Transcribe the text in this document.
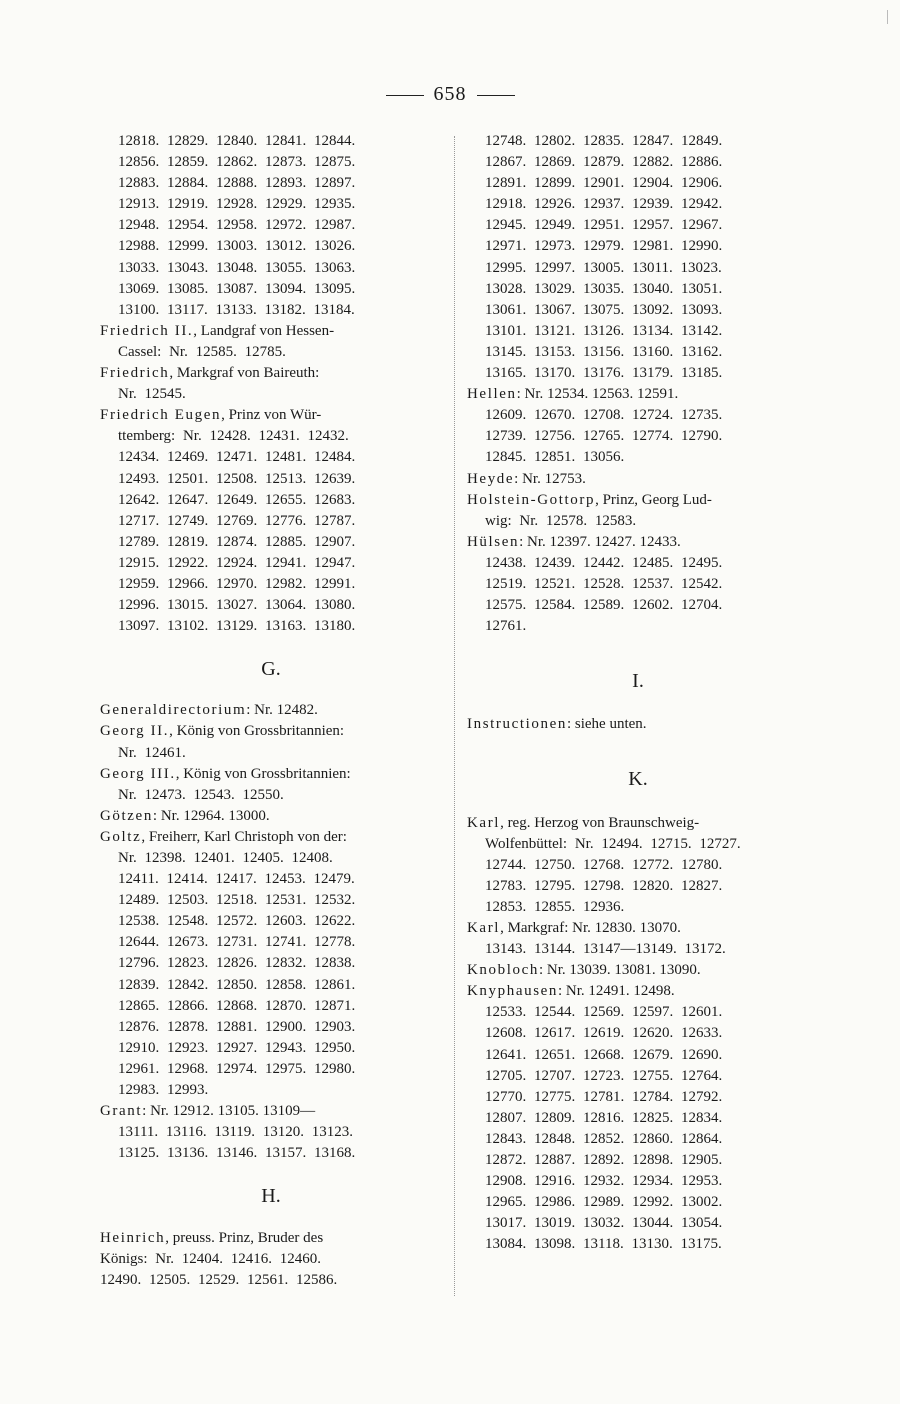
658
12818. 12829. 12840. 12841. 12844.
12856. 12859. 12862. 12873. 12875.
12883. 12884. 12888. 12893. 12897.
12913. 12919. 12928. 12929. 12935.
12948. 12954. 12958. 12972. 12987.
12988. 12999. 13003. 13012. 13026.
13033. 13043. 13048. 13055. 13063.
13069. 13085. 13087. 13094. 13095.
13100. 13117. 13133. 13182. 13184.
Friedrich II., Landgraf von Hessen-
Cassel: Nr. 12585. 12785.
Friedrich, Markgraf von Baireuth:
Nr. 12545.
Friedrich Eugen, Prinz von Wür-
ttemberg: Nr. 12428. 12431. 12432.
12434. 12469. 12471. 12481. 12484.
12493. 12501. 12508. 12513. 12639.
12642. 12647. 12649. 12655. 12683.
12717. 12749. 12769. 12776. 12787.
12789. 12819. 12874. 12885. 12907.
12915. 12922. 12924. 12941. 12947.
12959. 12966. 12970. 12982. 12991.
12996. 13015. 13027. 13064. 13080.
13097. 13102. 13129. 13163. 13180.
G.
Generaldirectorium: Nr. 12482.
Georg II., König von Grossbritannien:
Nr. 12461.
Georg III., König von Grossbritannien:
Nr. 12473. 12543. 12550.
Götzen: Nr. 12964. 13000.
Goltz, Freiherr, Karl Christoph von der:
Nr. 12398. 12401. 12405. 12408.
12411. 12414. 12417. 12453. 12479.
12489. 12503. 12518. 12531. 12532.
12538. 12548. 12572. 12603. 12622.
12644. 12673. 12731. 12741. 12778.
12796. 12823. 12826. 12832. 12838.
12839. 12842. 12850. 12858. 12861.
12865. 12866. 12868. 12870. 12871.
12876. 12878. 12881. 12900. 12903.
12910. 12923. 12927. 12943. 12950.
12961. 12968. 12974. 12975. 12980.
12983. 12993.
Grant: Nr. 12912. 13105. 13109—
13111. 13116. 13119. 13120. 13123.
13125. 13136. 13146. 13157. 13168.
H.
Heinrich, preuss. Prinz, Bruder des
Königs: Nr. 12404. 12416. 12460.
12490. 12505. 12529. 12561. 12586.
12748. 12802. 12835. 12847. 12849.
12867. 12869. 12879. 12882. 12886.
12891. 12899. 12901. 12904. 12906.
12918. 12926. 12937. 12939. 12942.
12945. 12949. 12951. 12957. 12967.
12971. 12973. 12979. 12981. 12990.
12995. 12997. 13005. 13011. 13023.
13028. 13029. 13035. 13040. 13051.
13061. 13067. 13075. 13092. 13093.
13101. 13121. 13126. 13134. 13142.
13145. 13153. 13156. 13160. 13162.
13165. 13170. 13176. 13179. 13185.
Hellen: Nr. 12534. 12563. 12591.
12609. 12670. 12708. 12724. 12735.
12739. 12756. 12765. 12774. 12790.
12845. 12851. 13056.
Heyde: Nr. 12753.
Holstein-Gottorp, Prinz, Georg Lud-
wig: Nr. 12578. 12583.
Hülsen: Nr. 12397. 12427. 12433.
12438. 12439. 12442. 12485. 12495.
12519. 12521. 12528. 12537. 12542.
12575. 12584. 12589. 12602. 12704.
12761.
I.
Instructionen: siehe unten.
K.
Karl, reg. Herzog von Braunschweig-
Wolfenbüttel: Nr. 12494. 12715. 12727.
12744. 12750. 12768. 12772. 12780.
12783. 12795. 12798. 12820. 12827.
12853. 12855. 12936.
Karl, Markgraf: Nr. 12830. 13070.
13143. 13144. 13147—13149. 13172.
Knobloch: Nr. 13039. 13081. 13090.
Knyphausen: Nr. 12491. 12498.
12533. 12544. 12569. 12597. 12601.
12608. 12617. 12619. 12620. 12633.
12641. 12651. 12668. 12679. 12690.
12705. 12707. 12723. 12755. 12764.
12770. 12775. 12781. 12784. 12792.
12807. 12809. 12816. 12825. 12834.
12843. 12848. 12852. 12860. 12864.
12872. 12887. 12892. 12898. 12905.
12908. 12916. 12932. 12934. 12953.
12965. 12986. 12989. 12992. 13002.
13017. 13019. 13032. 13044. 13054.
13084. 13098. 13118. 13130. 13175.
